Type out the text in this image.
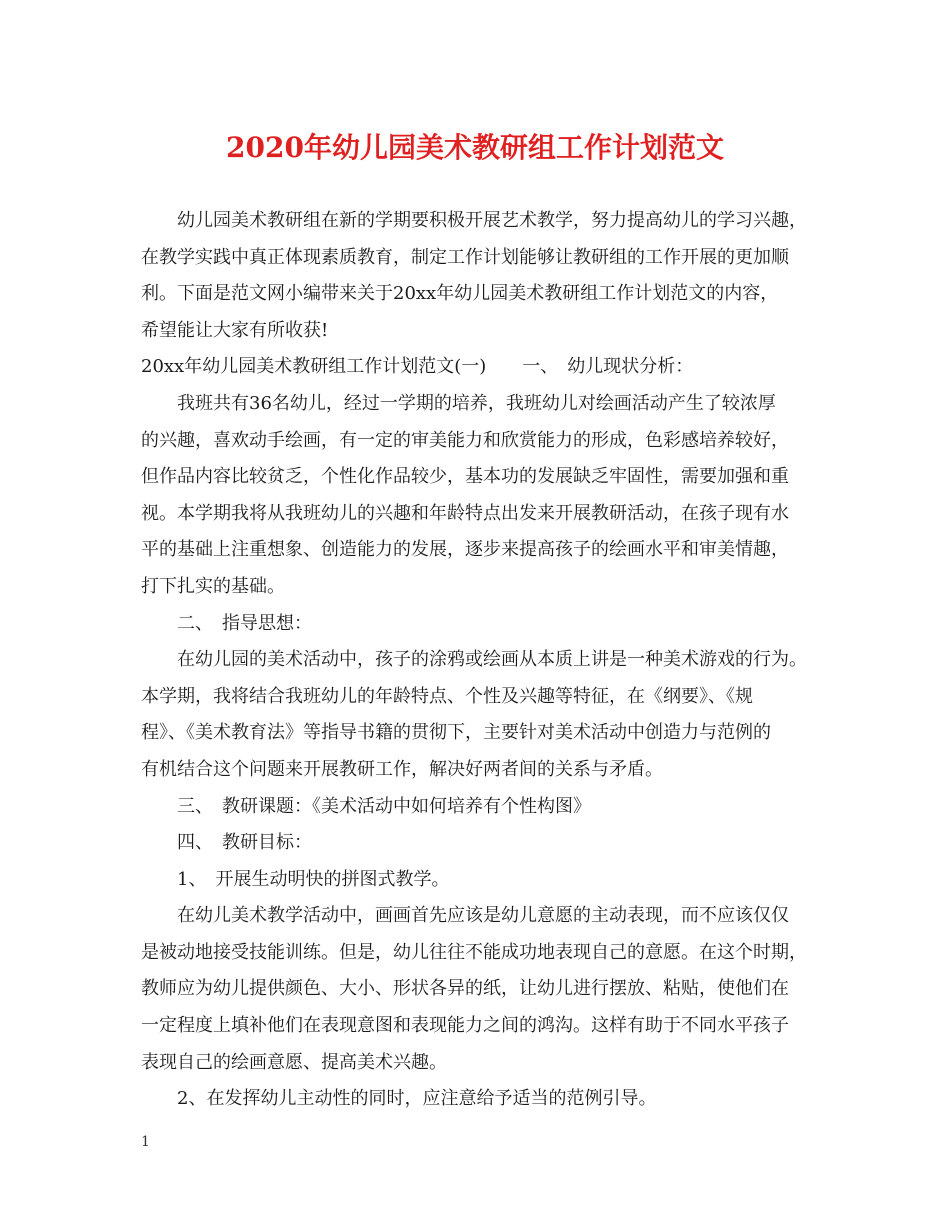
2020年幼儿园美术教研组工作计划范文
幼儿园美术教研组在新的学期要积极开展艺术教学，努力提高幼儿的学习兴趣，
在教学实践中真正体现素质教育，制定工作计划能够让教研组的工作开展的更加顺
利。下面是范文网小编带来关于20xx年幼儿园美术教研组工作计划范文的内容，
希望能让大家有所收获!
20xx年幼儿园美术教研组工作计划范文(一)　　一、　幼儿现状分析：
我班共有36名幼儿，经过一学期的培养，我班幼儿对绘画活动产生了较浓厚
的兴趣，喜欢动手绘画，有一定的审美能力和欣赏能力的形成，色彩感培养较好，
但作品内容比较贫乏，个性化作品较少，基本功的发展缺乏牢固性，需要加强和重
视。本学期我将从我班幼儿的兴趣和年龄特点出发来开展教研活动，在孩子现有水
平的基础上注重想象、创造能力的发展，逐步来提高孩子的绘画水平和审美情趣，
打下扎实的基础。
二、　指导思想：
在幼儿园的美术活动中，孩子的涂鸦或绘画从本质上讲是一种美术游戏的行为。
本学期，我将结合我班幼儿的年龄特点、个性及兴趣等特征，在《纲要》、《规
程》、《美术教育法》等指导书籍的贯彻下，主要针对美术活动中创造力与范例的
有机结合这个问题来开展教研工作，解决好两者间的关系与矛盾。
三、　教研课题：《美术活动中如何培养有个性构图》
四、　教研目标：
1、　开展生动明快的拼图式教学。
在幼儿美术教学活动中，画画首先应该是幼儿意愿的主动表现，而不应该仅仅
是被动地接受技能训练。但是，幼儿往往不能成功地表现自己的意愿。在这个时期，
教师应为幼儿提供颜色、大小、形状各异的纸，让幼儿进行摆放、粘贴，使他们在
一定程度上填补他们在表现意图和表现能力之间的鸿沟。这样有助于不同水平孩子
表现自己的绘画意愿、提高美术兴趣。
2、在发挥幼儿主动性的同时，应注意给予适当的范例引导。
1
